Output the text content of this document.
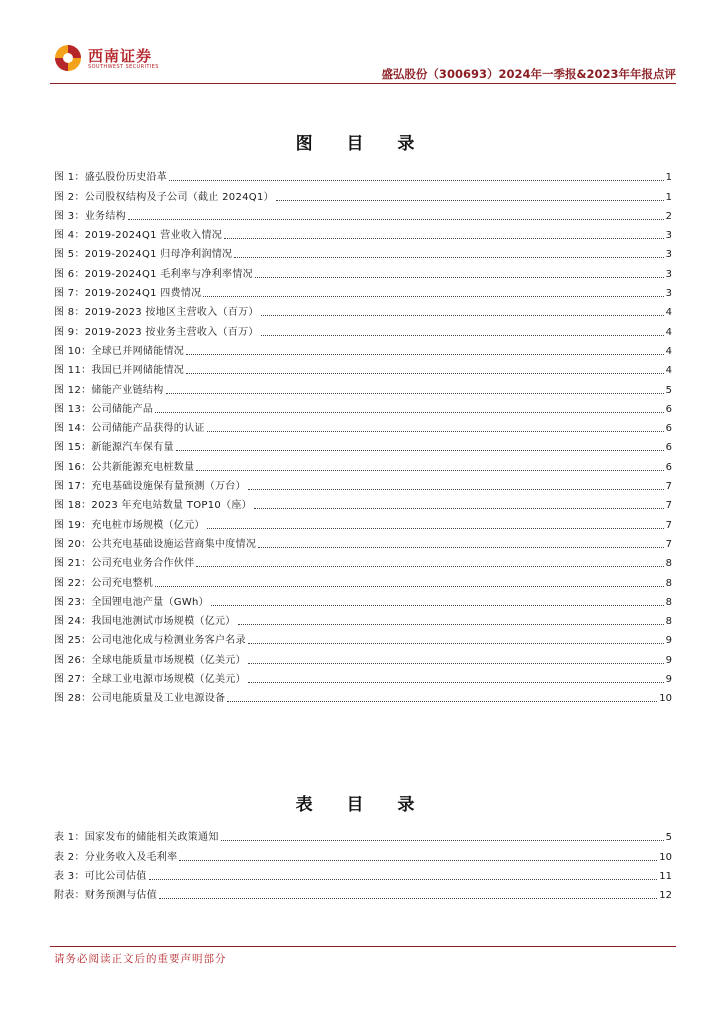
西南证券
SOUTHWEST SECURITIES	盛弘股份（300693）2024年一季报&2023年年报点评
图 目 录
图 1：盛弘股份历史沿革	1
图 2：公司股权结构及子公司（截止 2024Q1）	1
图 3：业务结构	2
图 4：2019-2024Q1 营业收入情况	3
图 5：2019-2024Q1 归母净利润情况	3
图 6：2019-2024Q1 毛利率与净利率情况	3
图 7：2019-2024Q1 四费情况	3
图 8：2019-2023 按地区主营收入（百万）	4
图 9：2019-2023 按业务主营收入（百万）	4
图 10：全球已并网储能情况	4
图 11：我国已并网储能情况	4
图 12：储能产业链结构	5
图 13：公司储能产品	6
图 14：公司储能产品获得的认证	6
图 15：新能源汽车保有量	6
图 16：公共新能源充电桩数量	6
图 17：充电基础设施保有量预测（万台）	7
图 18：2023 年充电站数量 TOP10（座）	7
图 19：充电桩市场规模（亿元）	7
图 20：公共充电基础设施运营商集中度情况	7
图 21：公司充电业务合作伙伴	8
图 22：公司充电整机	8
图 23：全国锂电池产量（GWh）	8
图 24：我国电池测试市场规模（亿元）	8
图 25：公司电池化成与检测业务客户名录	9
图 26：全球电能质量市场规模（亿美元）	9
图 27：全球工业电源市场规模（亿美元）	9
图 28：公司电能质量及工业电源设备	10
表 目 录
表 1：国家发布的储能相关政策通知	5
表 2：分业务收入及毛利率	10
表 3：可比公司估值	11
附表：财务预测与估值	12
请务必阅读正文后的重要声明部分
